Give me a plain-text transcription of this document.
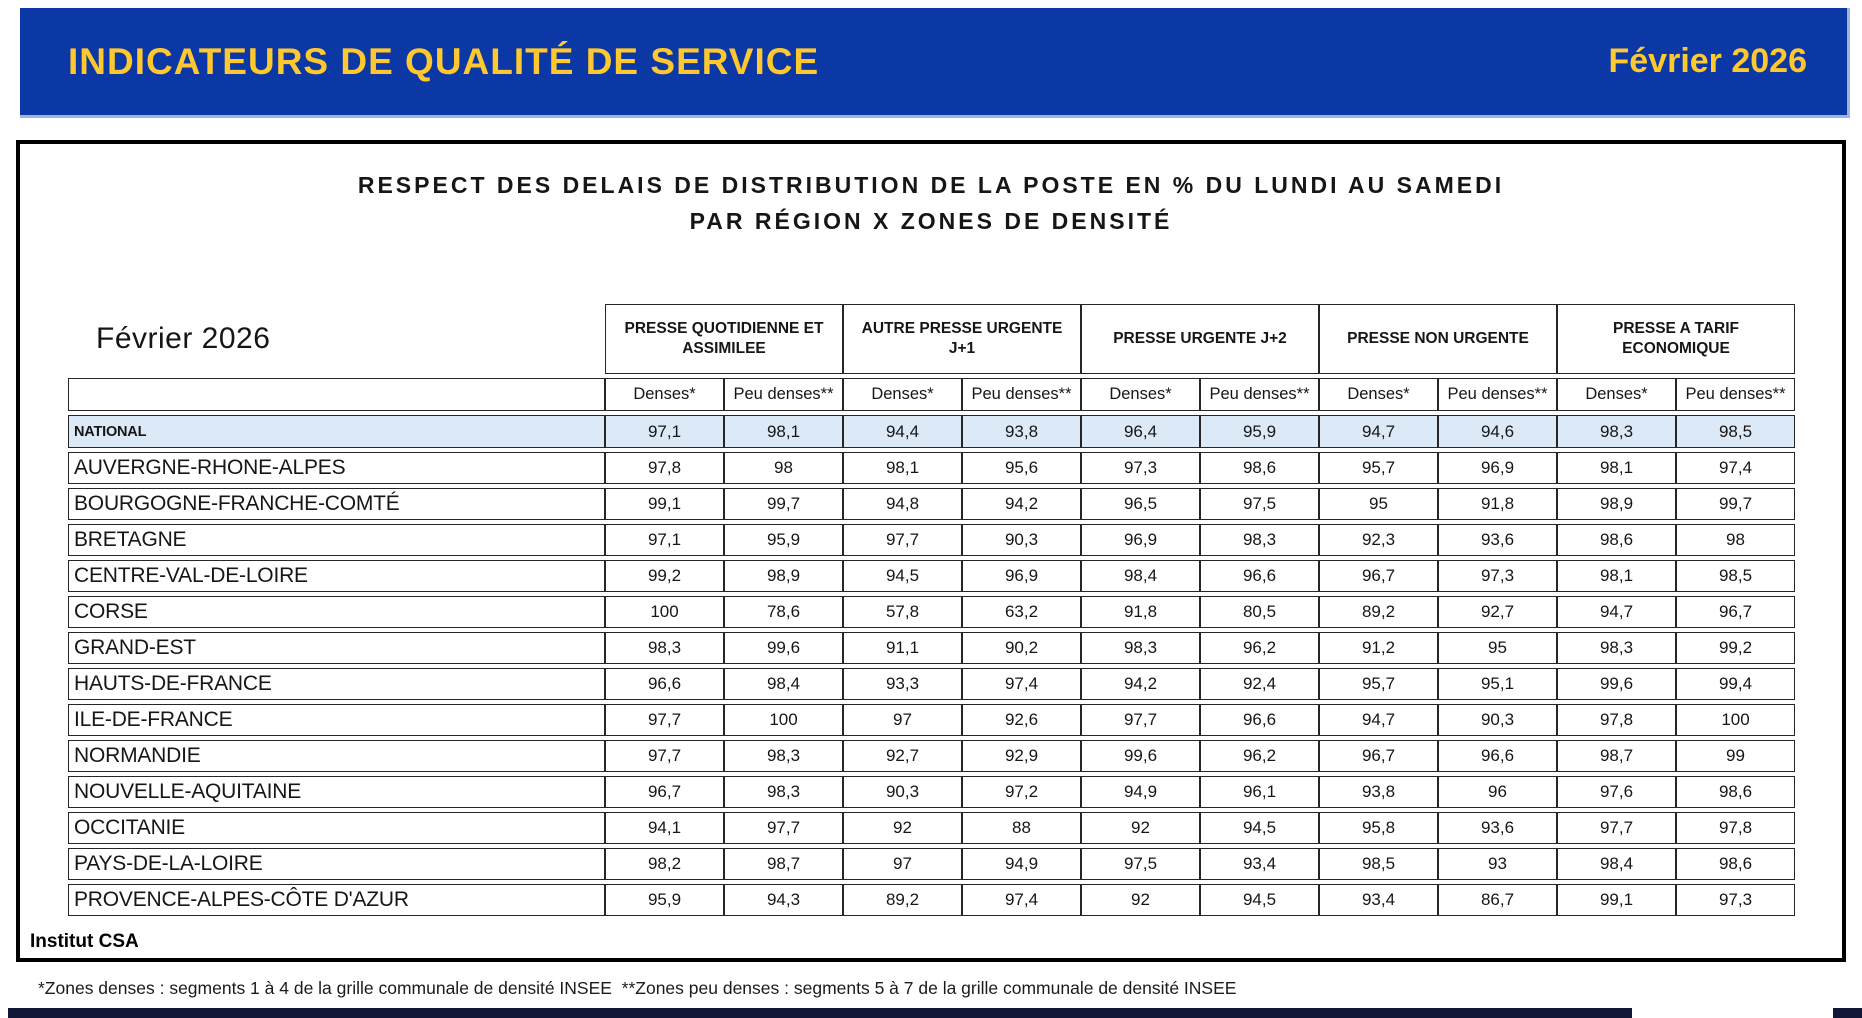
INDICATEURS DE QUALITÉ DE SERVICE	Février 2026
RESPECT DES DELAIS DE DISTRIBUTION DE LA POSTE EN % DU LUNDI AU SAMEDI
PAR RÉGION X ZONES DE DENSITÉ
Février 2026	PRESSE QUOTIDIENNE ET ASSIMILEE		AUTRE PRESSE URGENTE J+1		PRESSE URGENTE J+2		PRESSE NON URGENTE		PRESSE A TARIF ECONOMIQUE	
	Denses*	Peu denses**	Denses*	Peu denses**	Denses*	Peu denses**	Denses*	Peu denses**	Denses*	Peu denses**
NATIONAL	97,1	98,1	94,4	93,8	96,4	95,9	94,7	94,6	98,3	98,5
AUVERGNE-RHONE-ALPES	97,8	98	98,1	95,6	97,3	98,6	95,7	96,9	98,1	97,4
BOURGOGNE-FRANCHE-COMTÉ	99,1	99,7	94,8	94,2	96,5	97,5	95	91,8	98,9	99,7
BRETAGNE	97,1	95,9	97,7	90,3	96,9	98,3	92,3	93,6	98,6	98
CENTRE-VAL-DE-LOIRE	99,2	98,9	94,5	96,9	98,4	96,6	96,7	97,3	98,1	98,5
CORSE	100	78,6	57,8	63,2	91,8	80,5	89,2	92,7	94,7	96,7
GRAND-EST	98,3	99,6	91,1	90,2	98,3	96,2	91,2	95	98,3	99,2
HAUTS-DE-FRANCE	96,6	98,4	93,3	97,4	94,2	92,4	95,7	95,1	99,6	99,4
ILE-DE-FRANCE	97,7	100	97	92,6	97,7	96,6	94,7	90,3	97,8	100
NORMANDIE	97,7	98,3	92,7	92,9	99,6	96,2	96,7	96,6	98,7	99
NOUVELLE-AQUITAINE	96,7	98,3	90,3	97,2	94,9	96,1	93,8	96	97,6	98,6
OCCITANIE	94,1	97,7	92	88	92	94,5	95,8	93,6	97,7	97,8
PAYS-DE-LA-LOIRE	98,2	98,7	97	94,9	97,5	93,4	98,5	93	98,4	98,6
PROVENCE-ALPES-CÔTE D'AZUR	95,9	94,3	89,2	97,4	92	94,5	93,4	86,7	99,1	97,3
Institut CSA
*Zones denses : segments 1 à 4 de la grille communale de densité INSEE  **Zones peu denses : segments 5 à 7 de la grille communale de densité INSEE
